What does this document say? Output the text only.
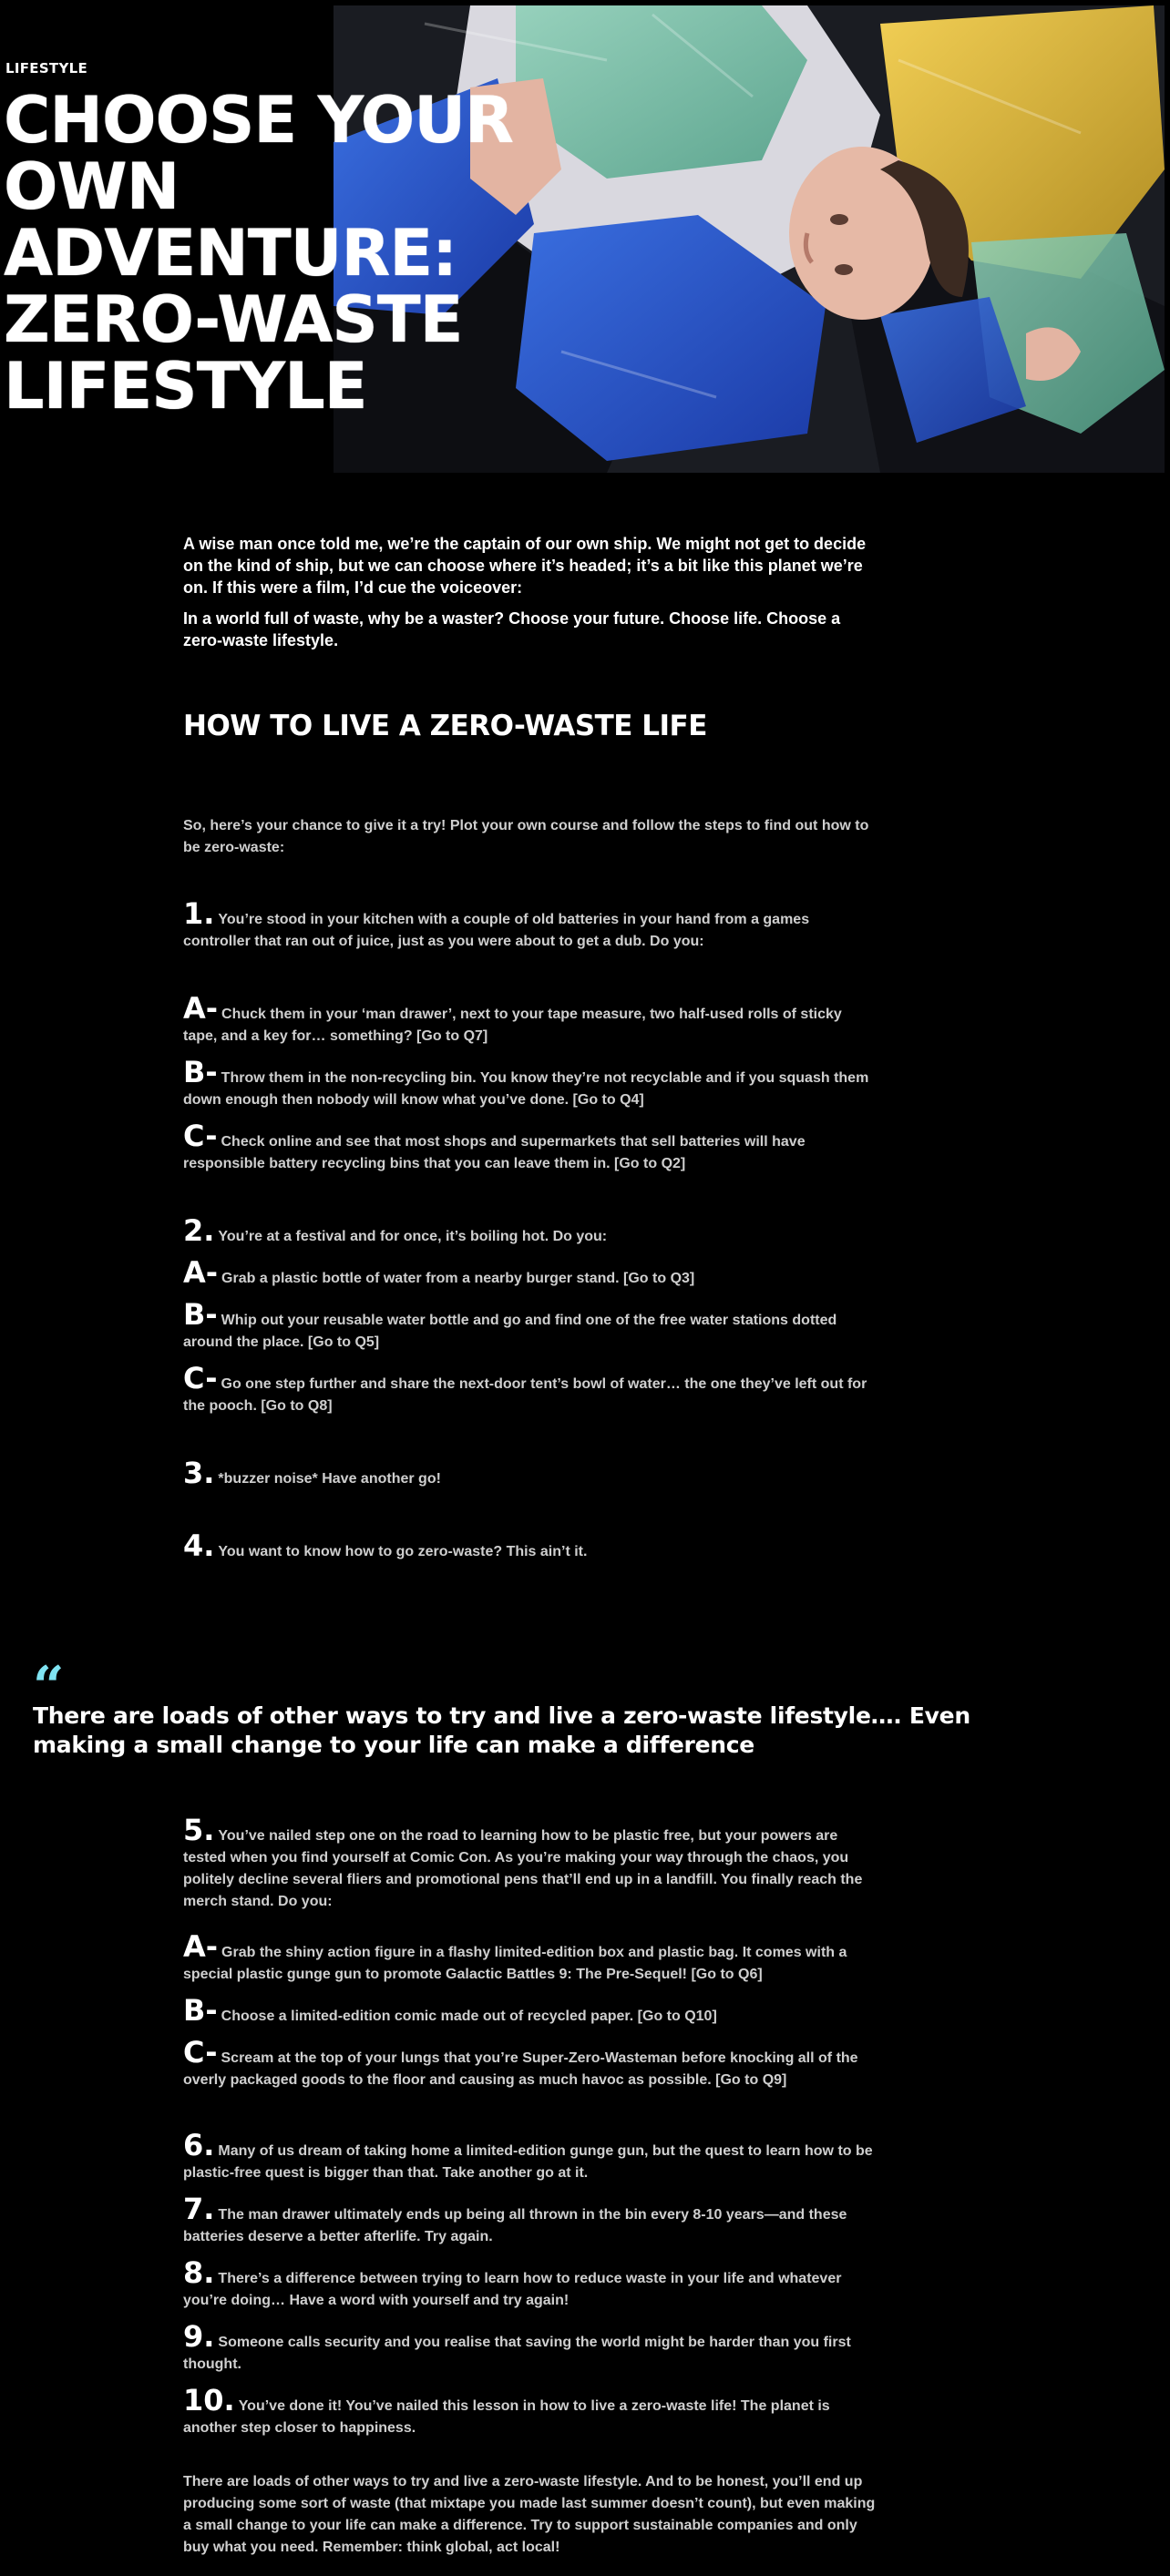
LIFESTYLE

CHOOSE YOUR OWN ADVENTURE: ZERO-WASTE LIFESTYLE

A wise man once told me, we’re the captain of our own ship. We might not get to decide on the kind of ship, but we can choose where it’s headed; it’s a bit like this planet we’re on. If this were a film, I’d cue the voiceover:

In a world full of waste, why be a waster? Choose your future. Choose life. Choose a zero-waste lifestyle.

HOW TO LIVE A ZERO-WASTE LIFE

So, here’s your chance to give it a try! Plot your own course and follow the steps to find out how to be zero-waste:

1. You’re stood in your kitchen with a couple of old batteries in your hand from a games controller that ran out of juice, just as you were about to get a dub. Do you:

A- Chuck them in your ‘man drawer’, next to your tape measure, two half-used rolls of sticky tape, and a key for… something? [Go to Q7]

B- Throw them in the non-recycling bin. You know they’re not recyclable and if you squash them down enough then nobody will know what you’ve done. [Go to Q4]

C- Check online and see that most shops and supermarkets that sell batteries will have responsible battery recycling bins that you can leave them in. [Go to Q2]

2. You’re at a festival and for once, it’s boiling hot. Do you:

A- Grab a plastic bottle of water from a nearby burger stand. [Go to Q3]

B- Whip out your reusable water bottle and go and find one of the free water stations dotted around the place. [Go to Q5]

C- Go one step further and share the next-door tent’s bowl of water… the one they’ve left out for the pooch. [Go to Q8]

3. *buzzer noise* Have another go!

4. You want to know how to go zero-waste? This ain’t it.

5. You’ve nailed step one on the road to learning how to be plastic free, but your powers are tested when you find yourself at Comic Con. As you’re making your way through the chaos, you politely decline several fliers and promotional pens that’ll end up in a landfill. You finally reach the merch stand. Do you:

A- Grab the shiny action figure in a flashy limited-edition box and plastic bag. It comes with a special plastic gunge gun to promote Galactic Battles 9: The Pre-Sequel! [Go to Q6]

B- Choose a limited-edition comic made out of recycled paper. [Go to Q10]

C- Scream at the top of your lungs that you’re Super-Zero-Wasteman before knocking all of the overly packaged goods to the floor and causing as much havoc as possible. [Go to Q9]

6. Many of us dream of taking home a limited-edition gunge gun, but the quest to learn how to be plastic-free quest is bigger than that. Take another go at it.

7. The man drawer ultimately ends up being all thrown in the bin every 8-10 years—and these batteries deserve a better afterlife. Try again.

8. There’s a difference between trying to learn how to reduce waste in your life and whatever you’re doing… Have a word with yourself and try again!

9. Someone calls security and you realise that saving the world might be harder than you first thought.

10. You’ve done it! You’ve nailed this lesson in how to live a zero-waste life! The planet is another step closer to happiness.

There are loads of other ways to try and live a zero-waste lifestyle. And to be honest, you’ll end up producing some sort of waste (that mixtape you made last summer doesn’t count), but even making a small change to your life can make a difference. Try to support sustainable companies and only buy what you need. Remember: think global, act local!

“

There are loads of other ways to try and live a zero-waste lifestyle…. Even making a small change to your life can make a difference
